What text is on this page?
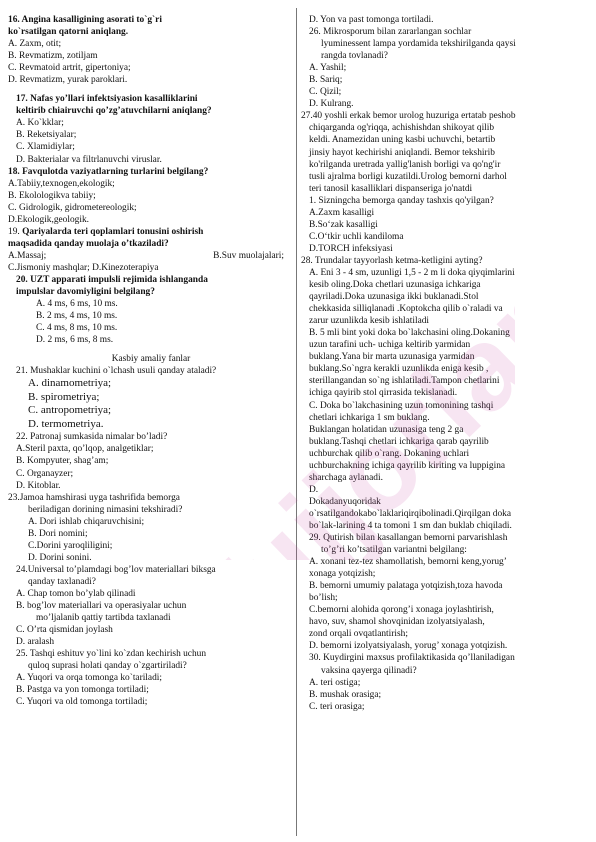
16. Angina kasalligining asorati to`g`ri

ko`rsatilgan qatorni aniqlang.

A. Zaxm, otit;

B. Revmatizm, zotiljam

C. Revmatoid artrit, gipertoniya;

D. Revmatizm, yurak paroklari.

17. Nafas yo’llari infektsiyasion kasalliklarini

keltirib chiairuvchi qo’zg’atuvchilarni aniqlang?

A. Ko`kklar;

B. Reketsiyalar;

C. Xlamidiylar;

D. Bakterialar va filtrlanuvchi viruslar.

18. Favqulotda vaziyatlarning turlarini belgilang?

A.Tabiiy,texnogen,ekologik;

B. Ekolologikva tabiiy;

C. Gidrologik, gidrometereologik;

D.Ekologik,geologik.

19. Qariyalarda teri qoplamlari tonusini oshirish

maqsadida qanday muolaja o’tkaziladi?

A.Massaj;	B.Suv muolajalari;

C.Jismoniy mashqlar; D.Kinezoterapiya

20. UZT apparati impulsli rejimida ishlanganda

impulslar davomiyligini belgilang?

A. 4 ms, 6 ms, 10 ms.

B. 2 ms, 4 ms, 10 ms.

C. 4 ms, 8 ms, 10 ms.

D. 2 ms, 6 ms, 8 ms.

Kasbiy amaliy fanlar

21. Mushaklar kuchini o`lchash usuli qanday ataladi?

A. dinamometriya;

B. spirometriya;

C. antropometriya;

D. termometriya.

22. Patronaj sumkasida nimalar bo’ladi?

A.Steril paxta, qo’lqop, analgetiklar;

B. Kompyuter, shag’am;

C. Organayzer;

D. Kitoblar.

23.Jamoa hamshirasi uyga tashrifida bemorga

beriladigan dorining nimasini tekshiradi?

A. Dori ishlab chiqaruvchisini;

B. Dori nomini;

C.Dorini yaroqliligini;

D. Dorini sonini.

24.Universal to’plamdagi bog’lov materiallari biksga

qanday taxlanadi?

A. Chap tomon bo’ylab qilinadi

B. bog’lov materiallari va operasiyalar uchun

mo’ljalanib qattiy tartibda taxlanadi

C. O’rta qismidan joylash

D. aralash

25. Tashqi eshituv yo`lini ko`zdan kechirish uchun

quloq suprasi holati qanday o`zgartiriladi?

A. Yuqori va orqa tomonga ko`tariladi;

B. Pastga va yon tomonga tortiladi;

C. Yuqori va old tomonga tortiladi;

D. Yon va past tomonga tortiladi.

26. Mikrosporum bilan zararlangan sochlar

lyuminessent lampa yordamida tekshirilganda qaysi

rangda tovlanadi?

A. Yashil;

B. Sariq;

C. Qizil;

D. Kulrang.

27.40 yoshli erkak bemor urolog huzuriga ertatab peshob

chiqarganda og'riqqa, achishishdan shikoyat qilib

keldi. Anamezidan uning kasbi uchuvchi, betartib

jinsiy hayot kechirishi aniqlandi. Bemor tekshirib

ko'rilganda uretrada yallig'lanish borligi va qo'ng'ir

tusli ajralma borligi kuzatildi.Urolog bemorni darhol

teri tanosil kasalliklari dispanseriga jo'natdi

1. Sizningcha bemorga qanday tashxis qo'yilgan?

A.Zaxm kasalligi

B.So‘zak kasalligi

C.O‘tkir uchli kandiloma

D.TORCH infeksiyasi

28. Trundalar tayyorlash ketma-ketligini ayting?

A. Eni 3 - 4 sm, uzunligi 1,5 - 2 m li doka qiyqimlarini

kesib oling.Doka chetlari uzunasiga ichkariga

qayriladi.Doka uzunasiga ikki buklanadi.Stol

chekkasida silliqlanadi .Koptokcha qilib o`raladi va

zarur uzunlikda kesib ishlatiladi

B. 5 mli bint yoki doka bo`lakchasini oling.Dokaning

uzun tarafini uch- uchiga keltirib yarmidan

buklang.Yana bir marta uzunasiga yarmidan

buklang.So`ngra kerakli uzunlikda eniga kesib ,

sterillangandan so`ng ishlatiladi.Tampon chetlarini

ichiga qayirib stol qirrasida tekislanadi.

C. Doka bo`lakchasining uzun tomonining tashqi

chetlari ichkariga 1 sm buklang.

Buklangan holatidan uzunasiga teng 2 ga

buklang.Tashqi chetlari ichkariga qarab qayrilib

uchburchak qilib o`rang. Dokaning uchlari

uchburchakning ichiga qayrilib kiriting va luppigina

sharchaga aylanadi.

D.

Dokadanyuqoridak

o`rsatilgandokabo`laklariqirqibolinadi.Qirqilgan doka

bo`lak-larining 4 ta tomoni 1 sm dan buklab chiqiladi.

29. Qutirish bilan kasallangan bemorni parvarishlash

to’g’ri ko’tsatilgan variantni belgilang:

A. xonani tez-tez shamollatish, bemorni keng,yorug’

xonaga yotqizish;

B. bemorni umumiy palataga yotqizish,toza havoda

bo’lish;

C.bemorni alohida qorong’i xonaga joylashtirish,

havo, suv, shamol shovqinidan izolyatsiyalash,

zond orqali ovqatlantirish;

D. bemorni izolyatsiyalash, yorug’ xonaga yotqizish.

30. Kuydirgini maxsus profilaktikasida qo’llaniladigan

vaksina qayerga qilinadi?

A. teri ostiga;

B. mushak orasiga;

C. teri orasiga;

Tujjorlar
